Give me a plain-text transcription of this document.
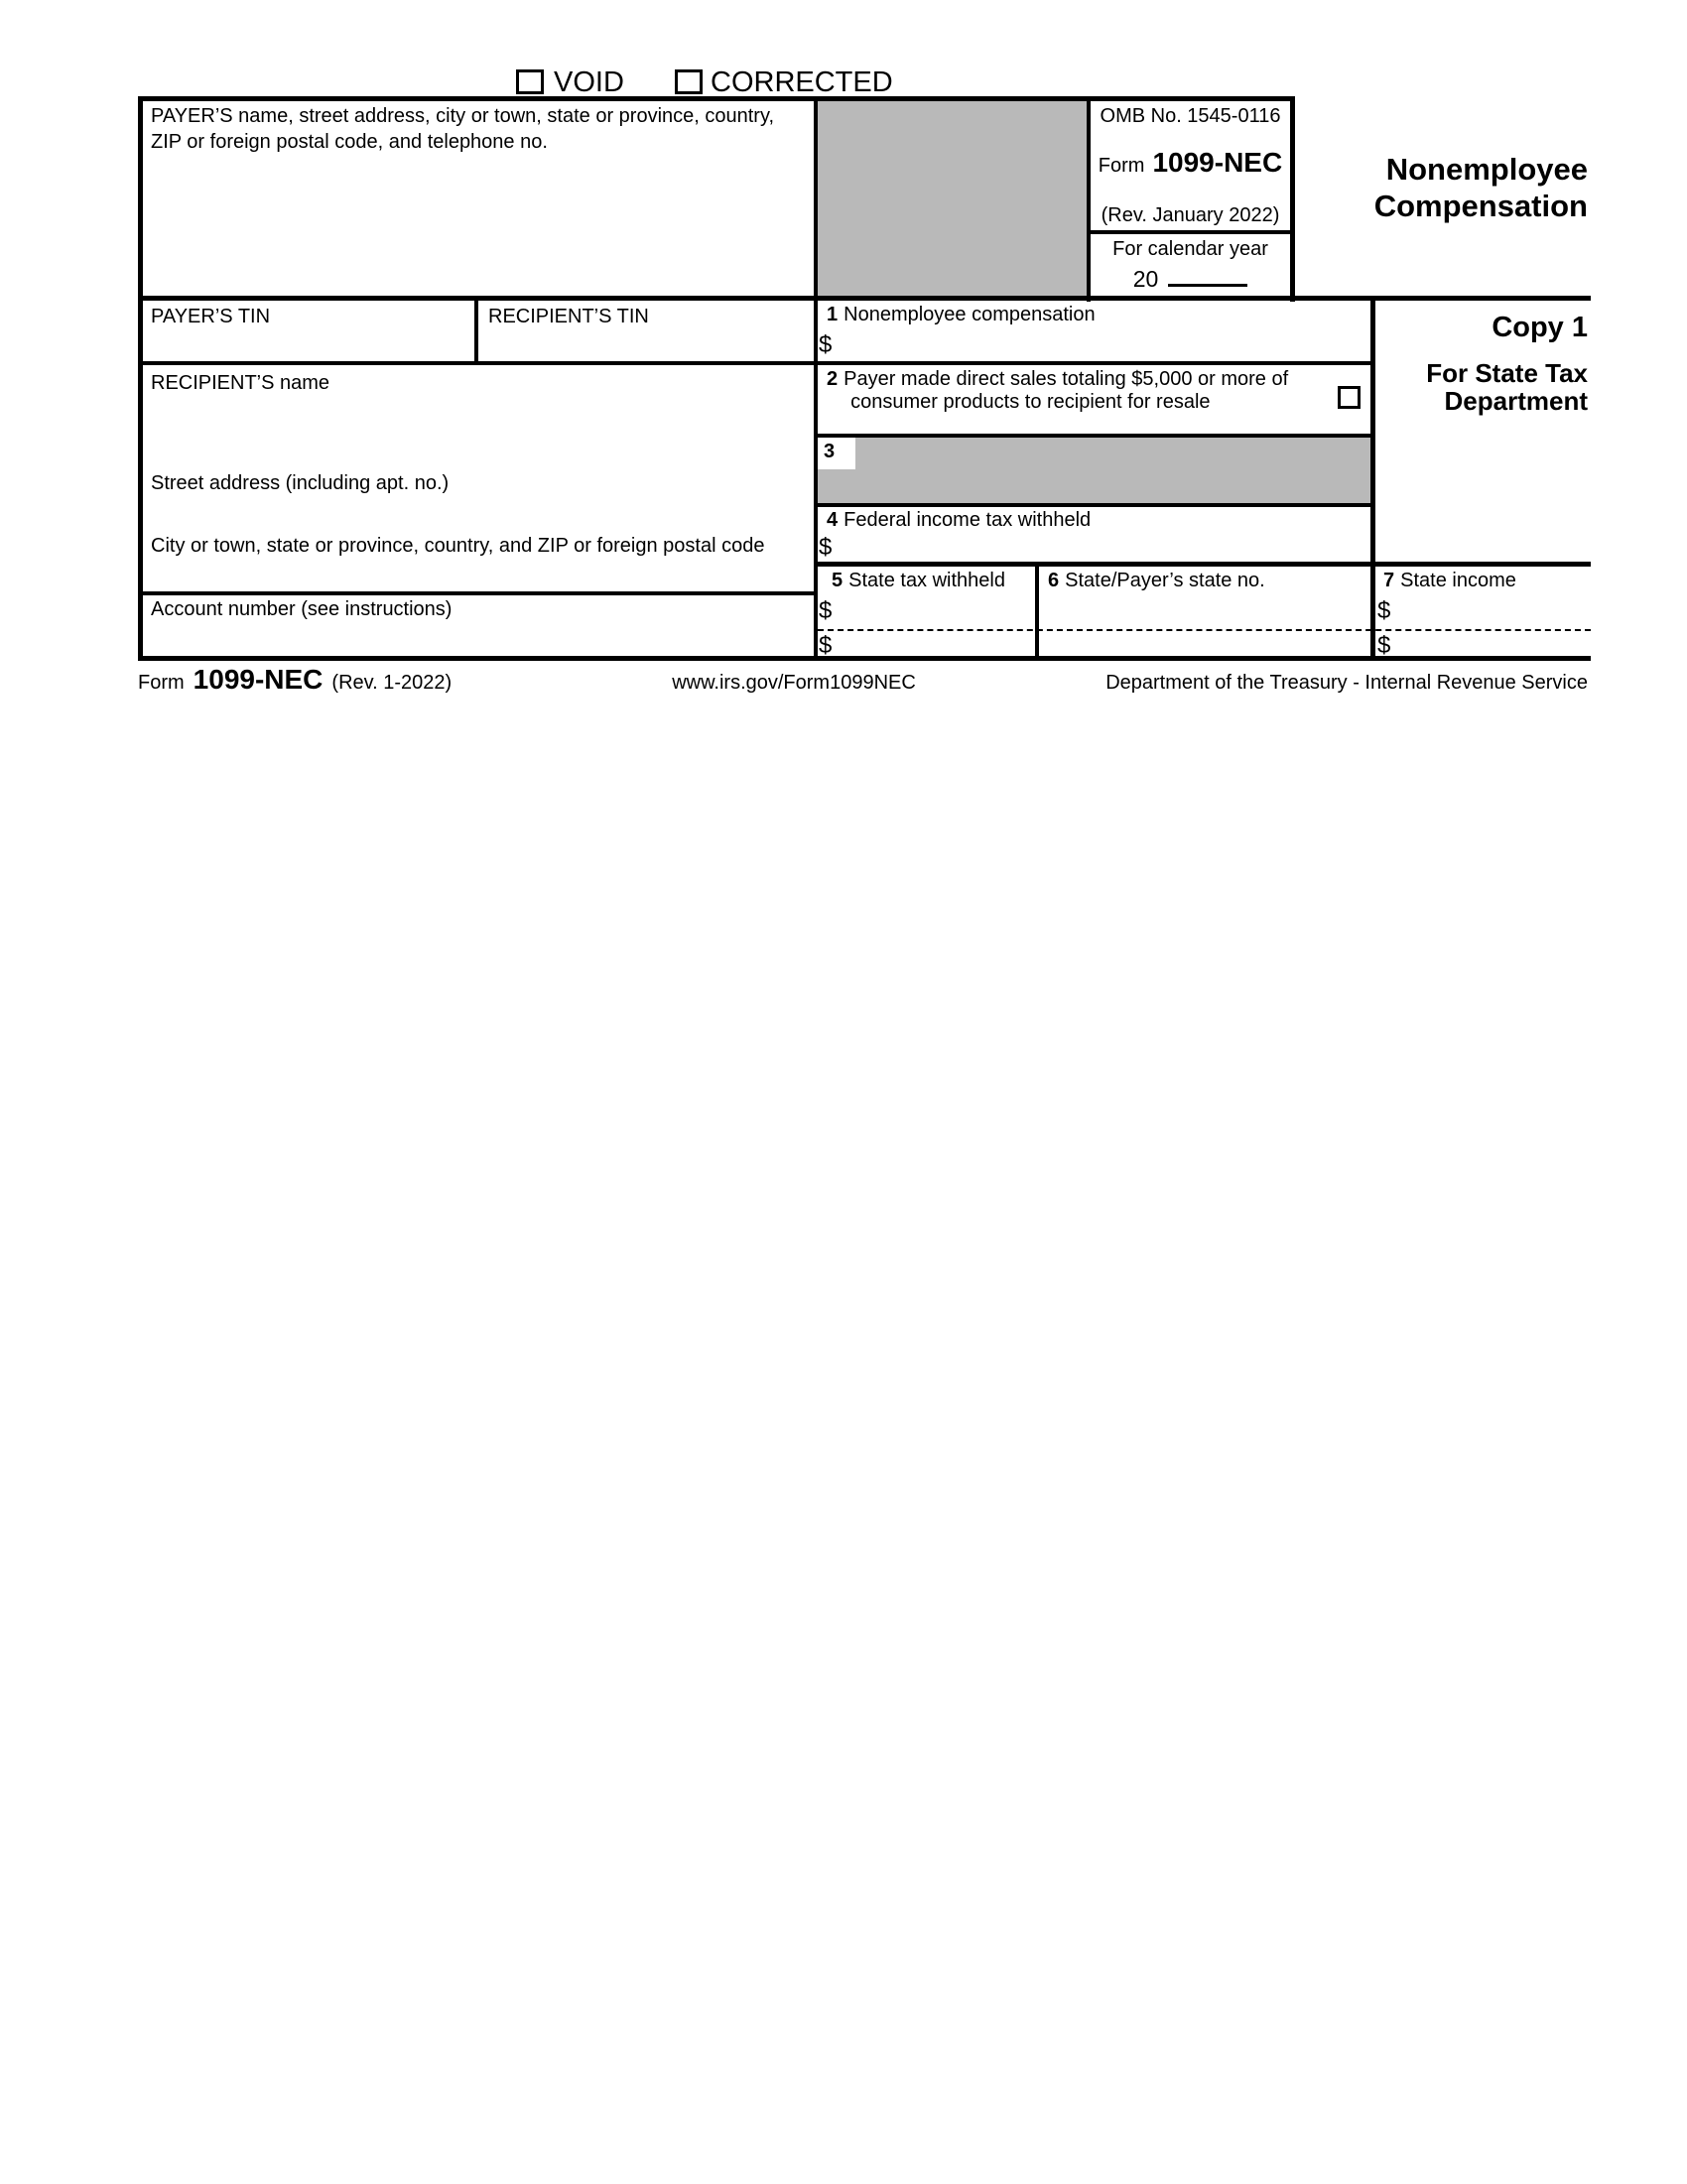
VOID	CORRECTED
PAYER’S name, street address, city or town, state or province, country, ZIP or foreign postal code, and telephone no.
OMB No. 1545-0116
Form 1099-NEC
(Rev. January 2022)
For calendar year
20
Nonemployee
Compensation
PAYER’S TIN	RECIPIENT’S TIN	1 Nonemployee compensation
$
Copy 1
For State Tax
Department
RECIPIENT’S name
Street address (including apt. no.)
City or town, state or province, country, and ZIP or foreign postal code
2 Payer made direct sales totaling $5,000 or more of
consumer products to recipient for resale
3
4 Federal income tax withheld
$
Account number (see instructions)
5 State tax withheld
$
$
6 State/Payer’s state no.	7 State income
$
$
Form 1099-NEC (Rev. 1-2022)	www.irs.gov/Form1099NEC	Department of the Treasury - Internal Revenue Service
